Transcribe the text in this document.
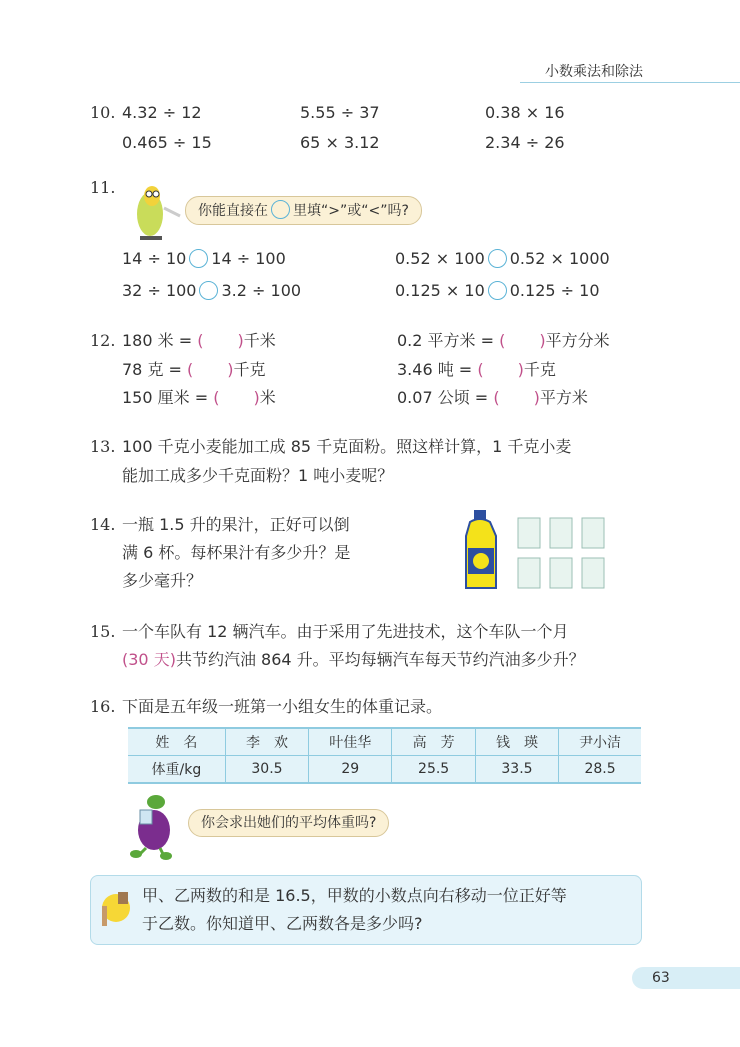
小数乘法和除法
10. 4.32 ÷ 12	5.55 ÷ 37	0.38 × 16
0.465 ÷ 15	65 × 3.12	2.34 ÷ 26
11.
你能直接在 里填“>”或“<”吗?
14 ÷ 10 14 ÷ 100	0.52 × 100 0.52 × 1000
32 ÷ 100 3.2 ÷ 100	0.125 × 10 0.125 ÷ 10
12. 180 米 = ( )千米	0.2 平方米 = ( )平方分米
78 克 = ( )千克	3.46 吨 = ( )千克
150 厘米 = ( )米	0.07 公顷 = ( )平方米
13. 100 千克小麦能加工成 85 千克面粉。照这样计算，1 千克小麦
能加工成多少千克面粉？1 吨小麦呢？
14. 一瓶 1.5 升的果汁，正好可以倒
满 6 杯。每杯果汁有多少升？是
多少毫升？
15. 一个车队有 12 辆汽车。由于采用了先进技术，这个车队一个月
(30 天)共节约汽油 864 升。平均每辆汽车每天节约汽油多少升？
16. 下面是五年级一班第一小组女生的体重记录。
姓　名	李　欢	叶佳华	高　芳	钱　瑛	尹小洁
体重/kg	30.5	29	25.5	33.5	28.5
你会求出她们的平均体重吗?
甲、乙两数的和是 16.5，甲数的小数点向右移动一位正好等
于乙数。你知道甲、乙两数各是多少吗?
63
